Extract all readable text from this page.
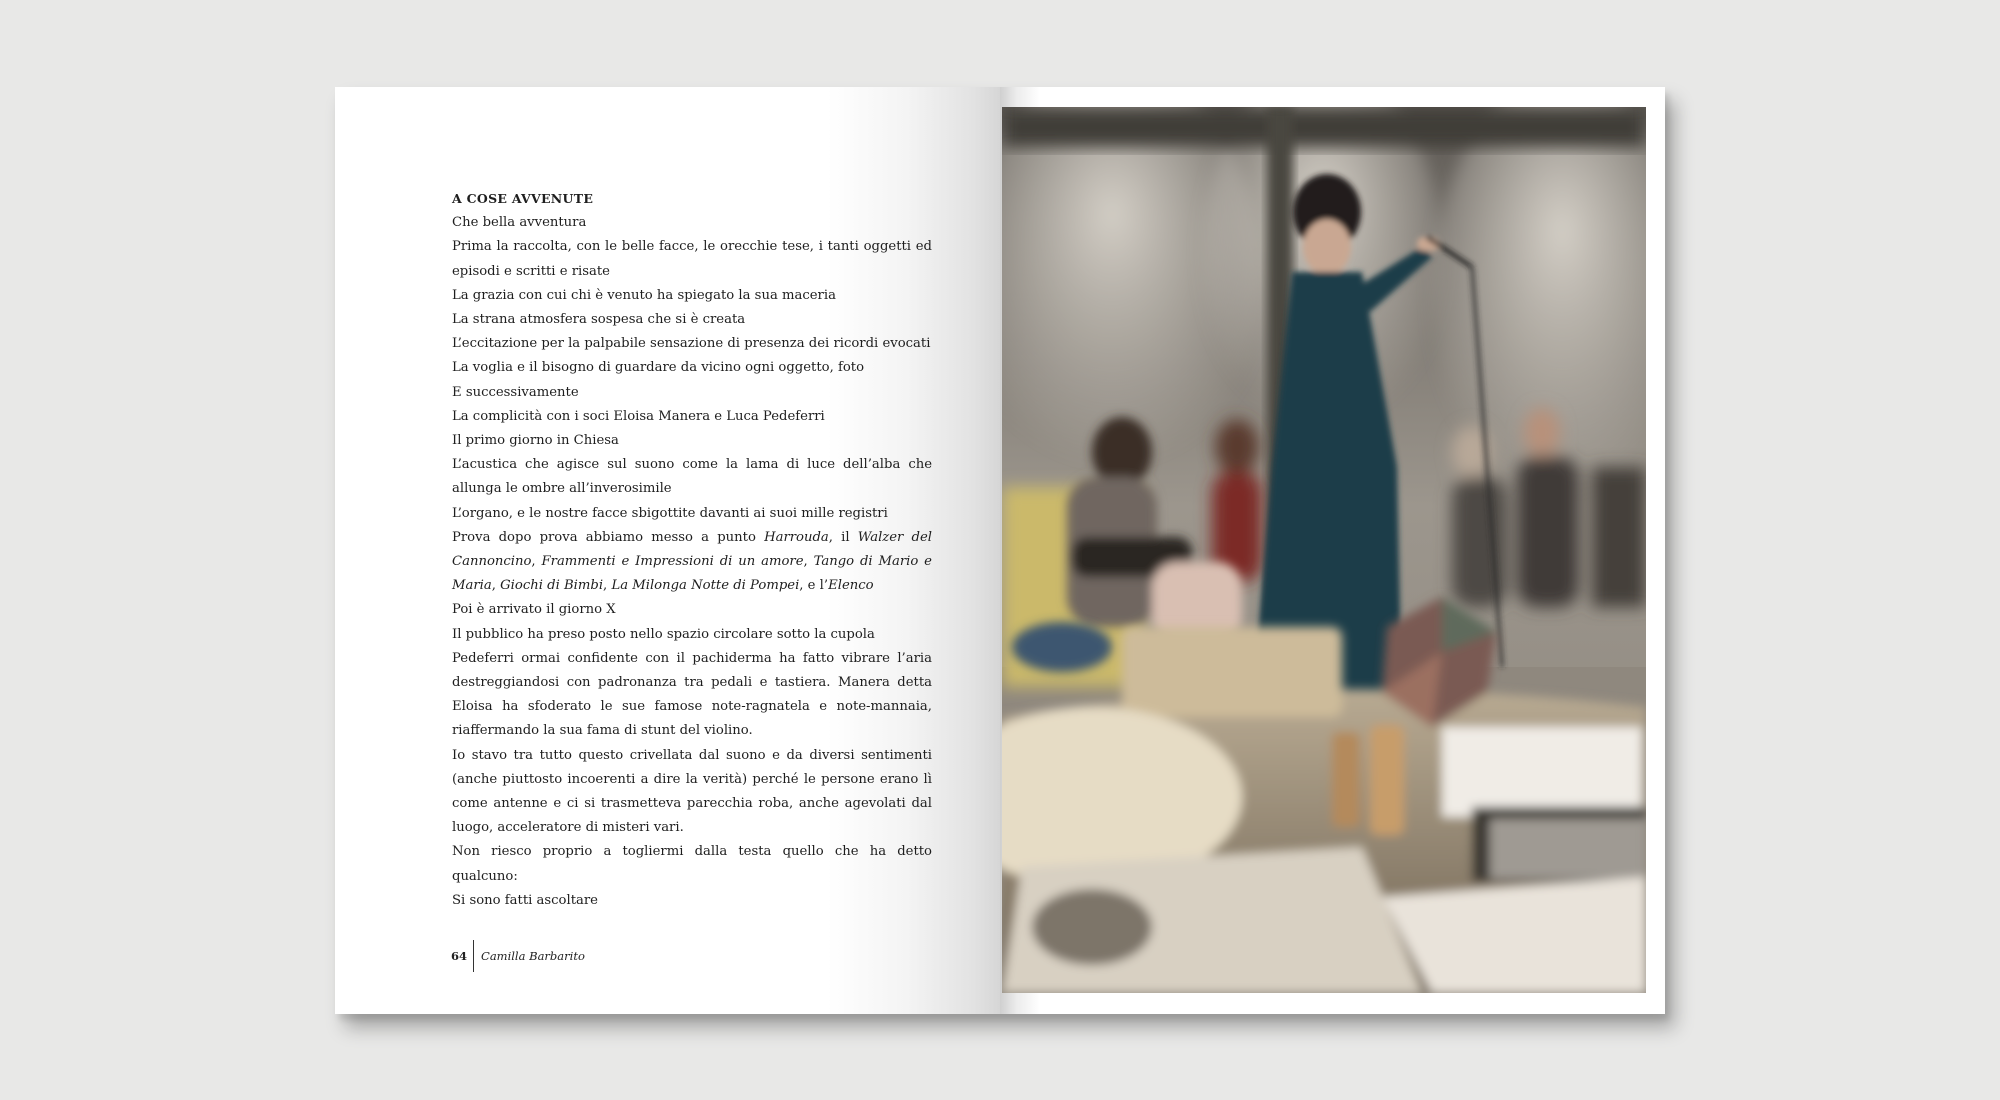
A COSE AVVENUTE

Che bella avventura

Prima la raccolta, con le belle facce, le orecchie tese, i tanti oggetti ed episodi e scritti e risate

La grazia con cui chi è venuto ha spiegato la sua maceria

La strana atmosfera sospesa che si è creata

L’eccitazione per la palpabile sensazione di presenza dei ricordi evocati

La voglia e il bisogno di guardare da vicino ogni oggetto, foto

E successivamente

La complicità con i soci Eloisa Manera e Luca Pedeferri

Il primo giorno in Chiesa

L’acustica che agisce sul suono come la lama di luce dell’alba che allunga le ombre all’inverosimile

L’organo, e le nostre facce sbigottite davanti ai suoi mille registri

Prova dopo prova abbiamo messo a punto Harrouda, il Walzer del Cannoncino, Frammenti e Impressioni di un amore, Tango di Mario e Maria, Giochi di Bimbi, La Milonga Notte di Pompei, e l’Elenco

Poi è arrivato il giorno X

Il pubblico ha preso posto nello spazio circolare sotto la cupola

Pedeferri ormai confidente con il pachiderma ha fatto vibrare l’aria destreggiandosi con padronanza tra pedali e tastiera. Manera detta Eloisa ha sfoderato le sue famose note-ragnatela e note-mannaia, riaffermando la sua fama di stunt del violino.

Io stavo tra tutto questo crivellata dal suono e da diversi sentimenti (anche piuttosto incoerenti a dire la verità) perché le persone erano lì come antenne e ci si trasmetteva parecchia roba, anche agevolati dal luogo, acceleratore di misteri vari.

Non riesco proprio a togliermi dalla testa quello che ha detto qualcuno:

Si sono fatti ascoltare

64	Camilla Barbarito
